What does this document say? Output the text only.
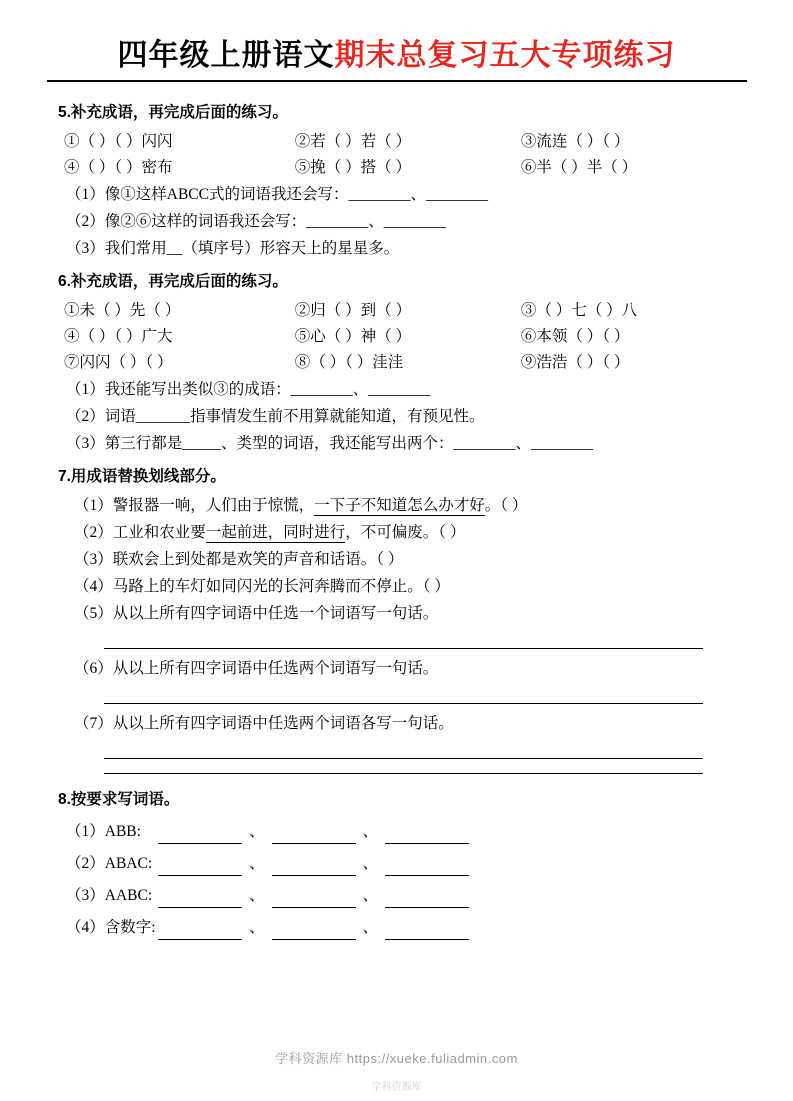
四年级上册语文期末总复习五大专项练习
5.补充成语，再完成后面的练习。
①（ ）（ ）闪闪	②若（ ）若（ ）	③流连（ ）（ ）
④（ ）（ ）密布	⑤挽（ ）搭（ ）	⑥半（ ）半（ ）
（1）像①这样ABCC式的词语我还会写：________、________
（2）像②⑥这样的词语我还会写：________、________
（3）我们常用__（填序号）形容天上的星星多。
6.补充成语，再完成后面的练习。
①未（ ）先（ ）	②归（ ）到（ ）	③（ ）七（ ）八
④（ ）（ ）广大	⑤心（ ）神（ ）	⑥本领（ ）（ ）
⑦闪闪（ ）（ ）	⑧（ ）（ ）洼洼	⑨浩浩（ ）（ ）
（1）我还能写出类似③的成语：________、________
（2）词语_______指事情发生前不用算就能知道，有预见性。
（3）第三行都是_____、类型的词语，我还能写出两个：________、________
7.用成语替换划线部分。
（1）警报器一响，人们由于惊慌，一下子不知道怎么办才好。（ ）
（2）工业和农业要一起前进，同时进行，不可偏废。（ ）
（3）联欢会上到处都是欢笑的声音和话语。（ ）
（4）马路上的车灯如同闪光的长河奔腾而不停止。（ ）
（5）从以上所有四字词语中任选一个词语写一句话。
（6）从以上所有四字词语中任选两个词语写一句话。
（7）从以上所有四字词语中任选两个词语各写一句话。
8.按要求写词语。
（1）ABB:	、	、
（2）ABAC:	、	、
（3）AABC:	、	、
（4）含数字:	、	、
学科资源库 https://xueke.fuliadmin.com
学科资源库
